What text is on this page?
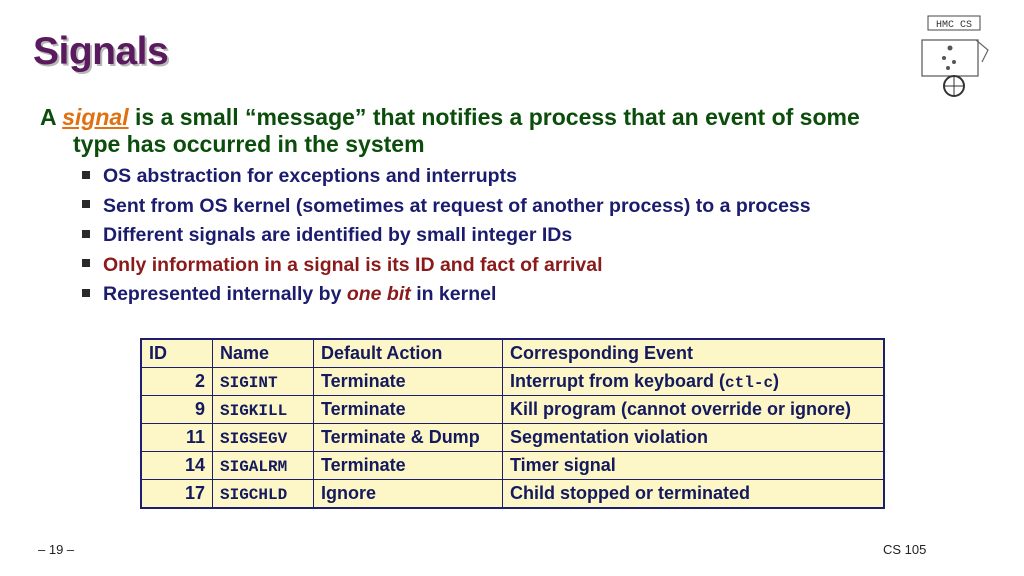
Signals
HMC CS
A signal is a small “message” that notifies a process that an event of some
type has occurred in the system
OS abstraction for exceptions and interrupts
Sent from OS kernel (sometimes at request of another process) to a process
Different signals are identified by small integer IDs
Only information in a signal is its ID and fact of arrival
Represented internally by one bit in kernel
ID	Name	Default Action	Corresponding Event
2	SIGINT	Terminate	Interrupt from keyboard (ctl-c)
9	SIGKILL	Terminate	Kill program (cannot override or ignore)
11	SIGSEGV	Terminate & Dump	Segmentation violation
14	SIGALRM	Terminate	Timer signal
17	SIGCHLD	Ignore	Child stopped or terminated
– 19 –	CS 105
